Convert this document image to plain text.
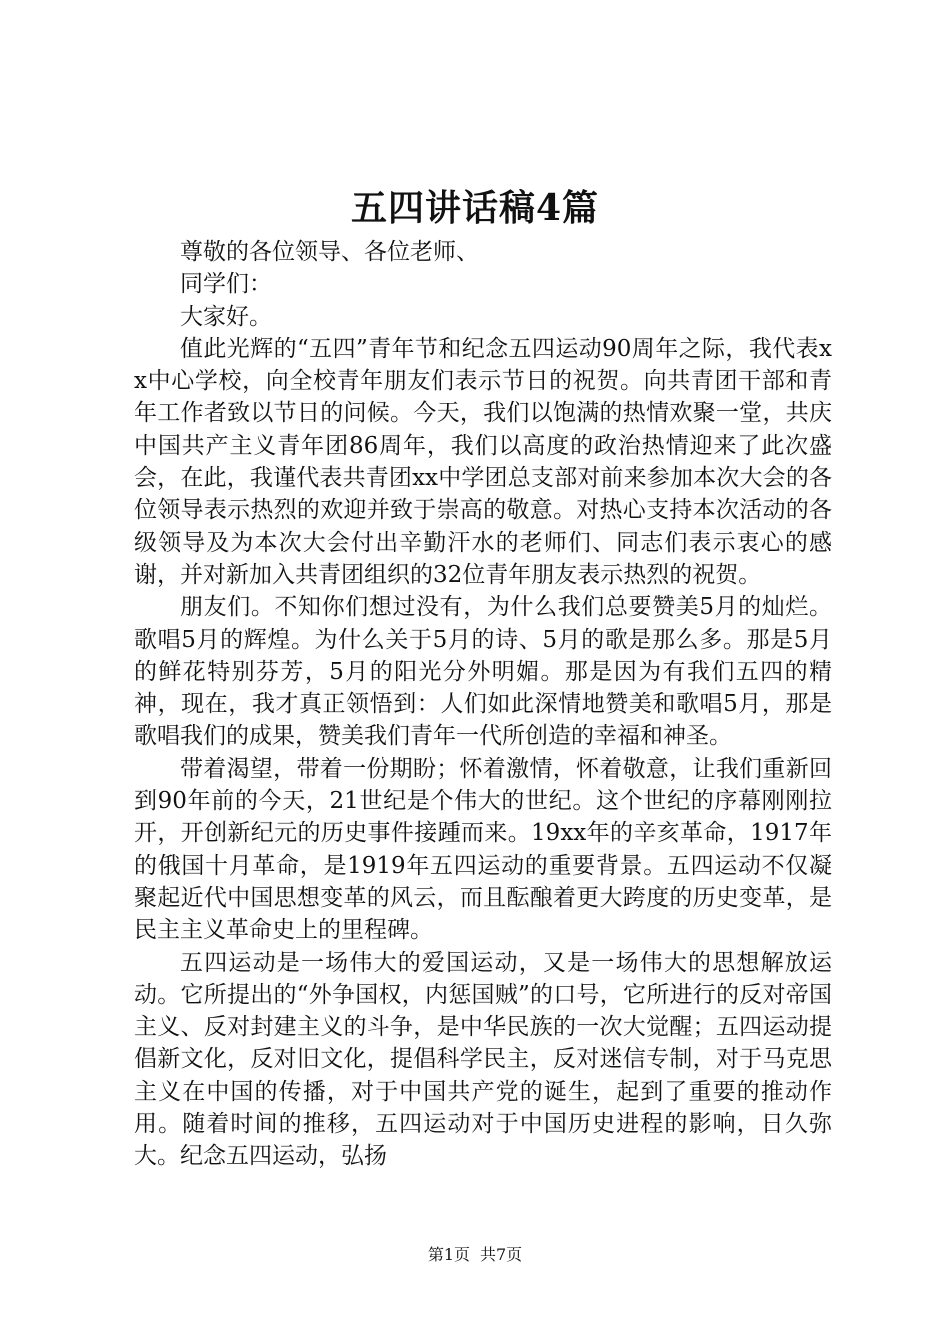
五四讲话稿4篇

尊敬的各位领导、各位老师、

同学们：

大家好。

值此光辉的“五四”青年节和纪念五四运动90周年之际，我代表xx中心学校，向全校青年朋友们表示节日的祝贺。向共青团干部和青年工作者致以节日的问候。今天，我们以饱满的热情欢聚一堂，共庆中国共产主义青年团86周年，我们以高度的政治热情迎来了此次盛会，在此，我谨代表共青团xx中学团总支部对前来参加本次大会的各位领导表示热烈的欢迎并致于崇高的敬意。对热心支持本次活动的各级领导及为本次大会付出辛勤汗水的老师们、同志们表示衷心的感谢，并对新加入共青团组织的32位青年朋友表示热烈的祝贺。

朋友们。不知你们想过没有，为什么我们总要赞美5月的灿烂。歌唱5月的辉煌。为什么关于5月的诗、5月的歌是那么多。那是5月的鲜花特别芬芳，5月的阳光分外明媚。那是因为有我们五四的精神，现在，我才真正领悟到：人们如此深情地赞美和歌唱5月，那是歌唱我们的成果，赞美我们青年一代所创造的幸福和神圣。

带着渴望，带着一份期盼；怀着激情，怀着敬意，让我们重新回到90年前的今天，21世纪是个伟大的世纪。这个世纪的序幕刚刚拉开，开创新纪元的历史事件接踵而来。19xx年的辛亥革命，1917年的俄国十月革命，是1919年五四运动的重要背景。五四运动不仅凝聚起近代中国思想变革的风云，而且酝酿着更大跨度的历史变革，是民主主义革命史上的里程碑。

五四运动是一场伟大的爱国运动，又是一场伟大的思想解放运动。它所提出的“外争国权，内惩国贼”的口号，它所进行的反对帝国主义、反对封建主义的斗争，是中华民族的一次大觉醒；五四运动提倡新文化，反对旧文化，提倡科学民主，反对迷信专制，对于马克思主义在中国的传播，对于中国共产党的诞生，起到了重要的推动作用。随着时间的推移，五四运动对于中国历史进程的影响，日久弥大。纪念五四运动，弘扬

第1页 共7页
